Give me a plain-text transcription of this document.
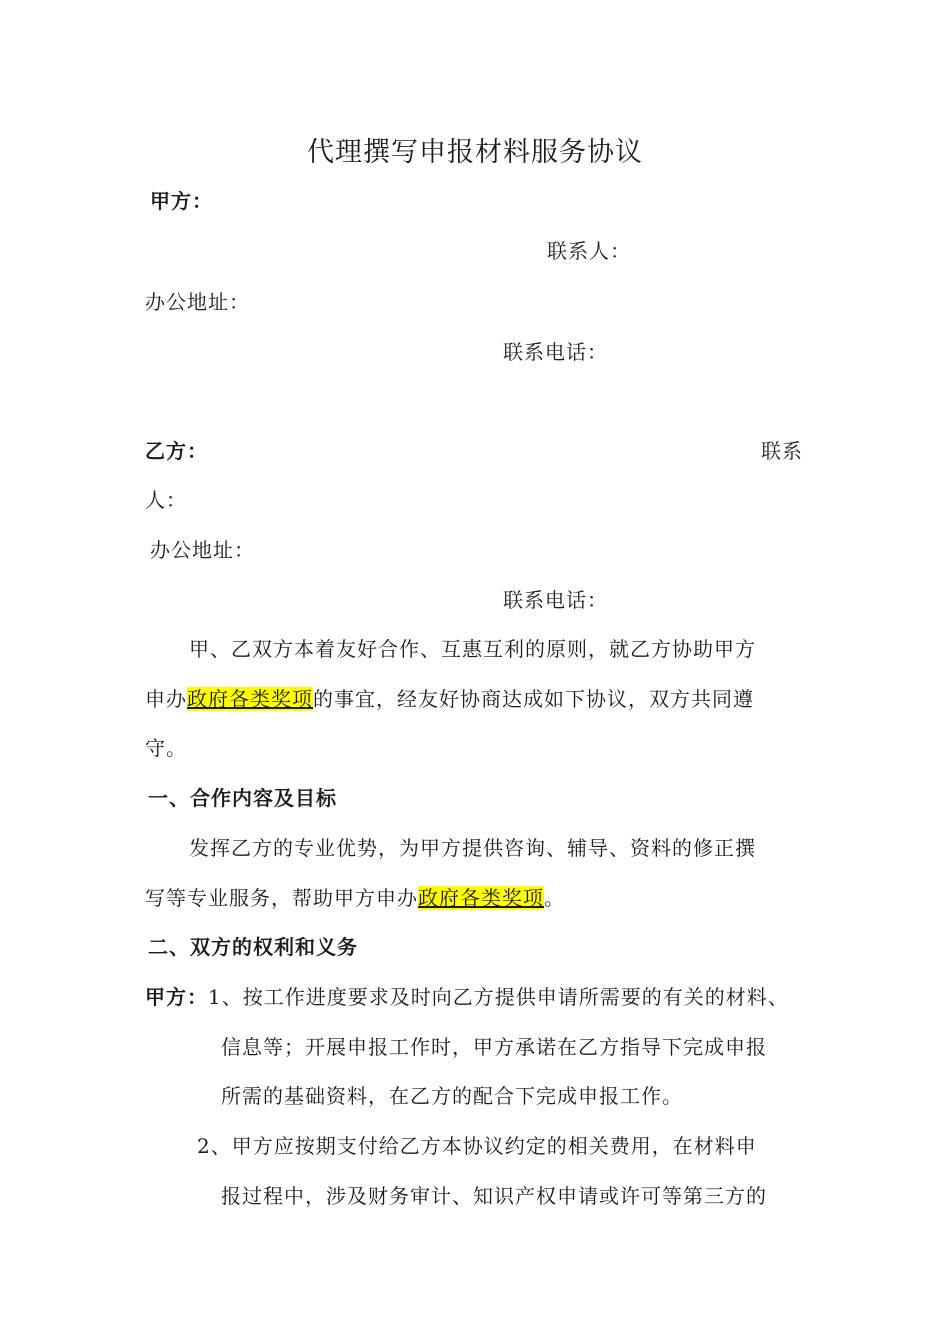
代理撰写申报材料服务协议
甲方：
联系人：
办公地址：
联系电话：
乙方：	联系
人：
办公地址：
联系电话：
甲、乙双方本着友好合作、互惠互利的原则，就乙方协助甲方
申办政府各类奖项的事宜，经友好协商达成如下协议，双方共同遵
守。
一、合作内容及目标
发挥乙方的专业优势，为甲方提供咨询、辅导、资料的修正撰
写等专业服务，帮助甲方申办政府各类奖项。
二、双方的权利和义务
甲方：1、按工作进度要求及时向乙方提供申请所需要的有关的材料、
信息等；开展申报工作时，甲方承诺在乙方指导下完成申报
所需的基础资料，在乙方的配合下完成申报工作。
2、甲方应按期支付给乙方本协议约定的相关费用，在材料申
报过程中，涉及财务审计、知识产权申请或许可等第三方的
